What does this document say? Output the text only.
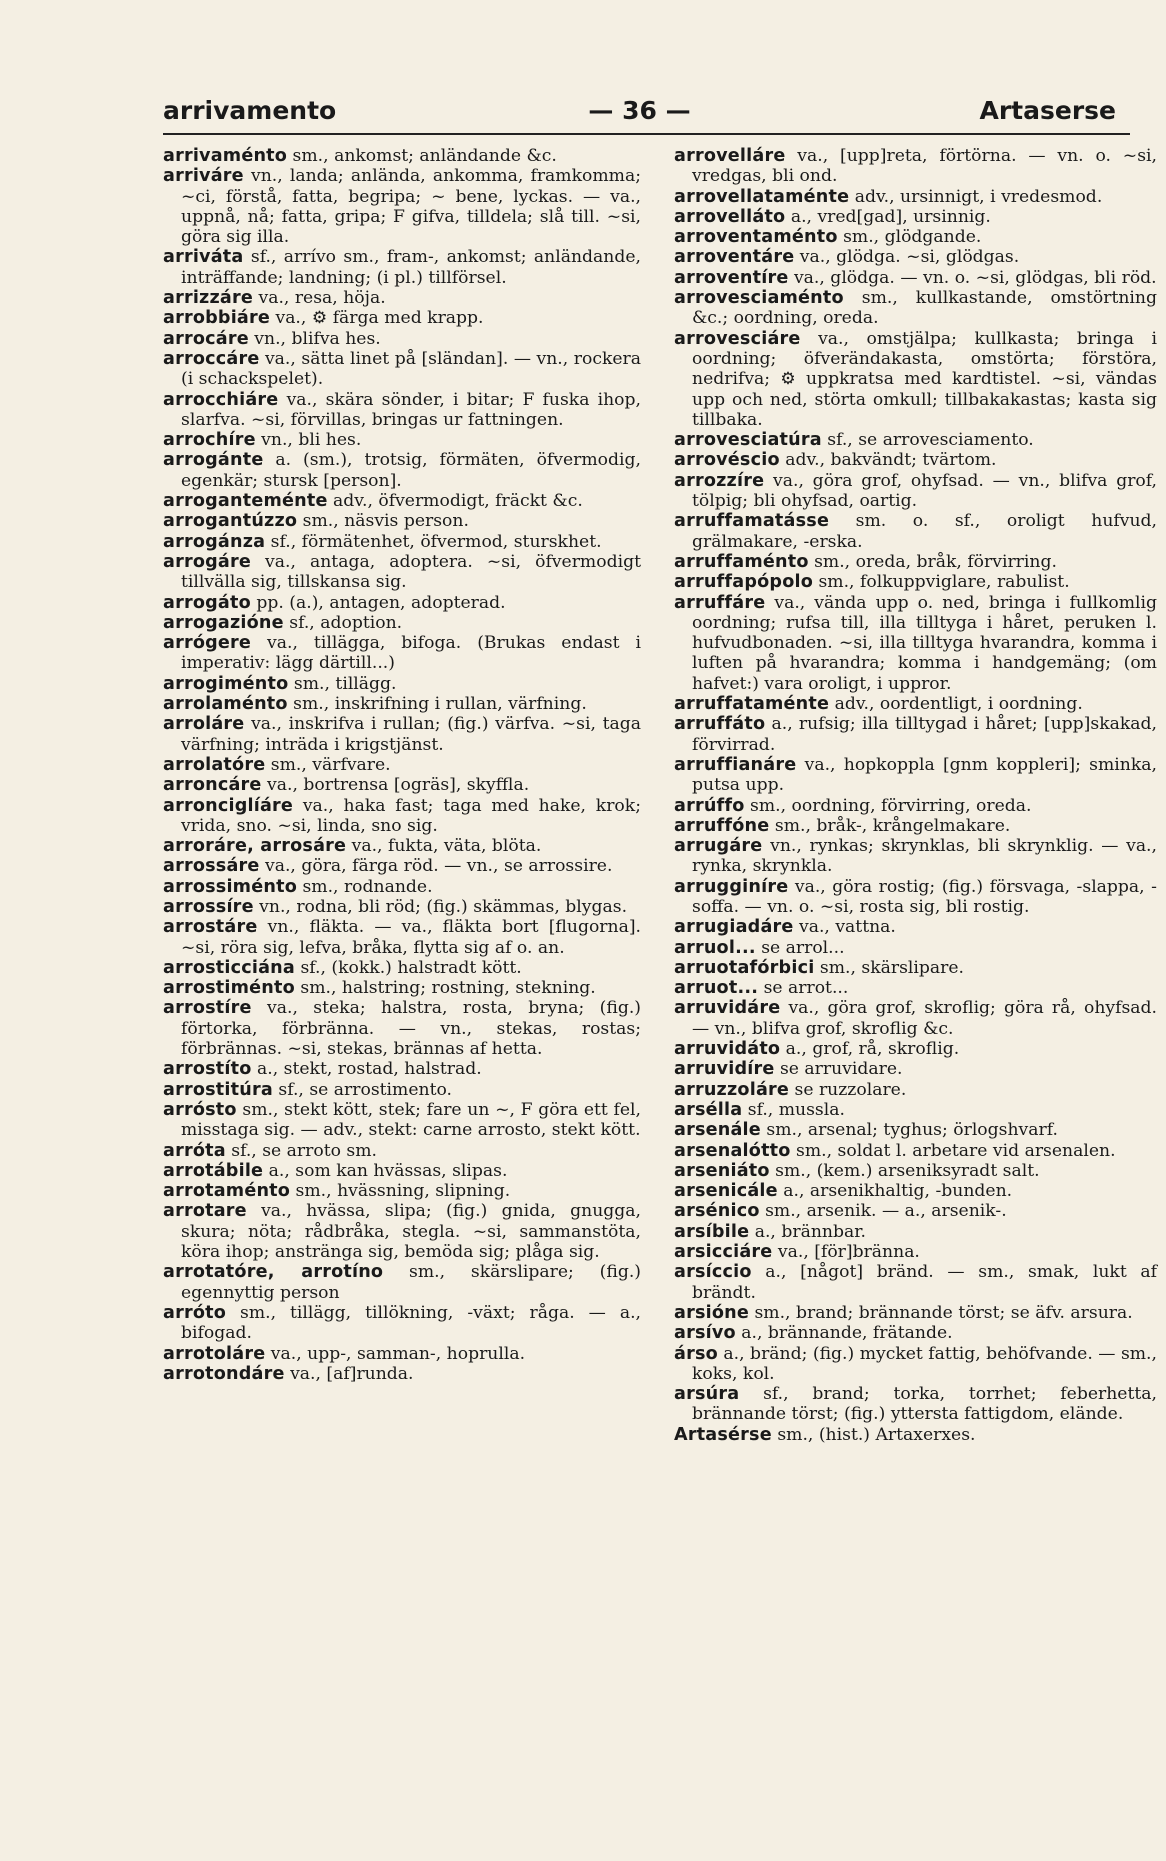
arrivamento	— 36 —	Artaserse

arrivaménto sm., ankomst; anländande &c.

arriváre vn., landa; anlända, ankomma, framkomma; ~ci, förstå, fatta, begripa; ~ bene, lyckas. — va., uppnå, nå; fatta, gripa; F gifva, tilldela; slå till. ~si, göra sig illa.

arriváta sf., arrívo sm., fram-, ankomst; anländande, inträffande; landning; (i pl.) tillförsel.

arrizzáre va., resa, höja.

arrobbiáre va., ⚙ färga med krapp.

arrocáre vn., blifva hes.

arroccáre va., sätta linet på [sländan]. — vn., rockera (i schackspelet).

arrocchiáre va., skära sönder, i bitar; F fuska ihop, slarfva. ~si, förvillas, bringas ur fattningen.

arrochíre vn., bli hes.

arrogánte a. (sm.), trotsig, förmäten, öfvermodig, egenkär; stursk [person].

arroganteménte adv., öfvermodigt, fräckt &c.

arrogantúzzo sm., näsvis person.

arrogánza sf., förmätenhet, öfvermod, sturskhet.

arrogáre va., antaga, adoptera. ~si, öfvermodigt tillvälla sig, tillskansa sig.

arrogáto pp. (a.), antagen, adopterad.

arrogazióne sf., adoption.

arrógere va., tillägga, bifoga. (Brukas endast i imperativ: lägg därtill...)

arrogiménto sm., tillägg.

arrolaménto sm., inskrifning i rullan, värfning.

arroláre va., inskrifva i rullan; (fig.) värfva. ~si, taga värfning; inträda i krigstjänst.

arrolatóre sm., värfvare.

arroncáre va., bortrensa [ogräs], skyffla.

arronciglíáre va., haka fast; taga med hake, krok; vrida, sno. ~si, linda, sno sig.

arroráre, arrosáre va., fukta, väta, blöta.

arrossáre va., göra, färga röd. — vn., se arrossire.

arrossiménto sm., rodnande.

arrossíre vn., rodna, bli röd; (fig.) skämmas, blygas.

arrostáre vn., fläkta. — va., fläkta bort [flugorna]. ~si, röra sig, lefva, bråka, flytta sig af o. an.

arrosticciána sf., (kokk.) halstradt kött.

arrostiménto sm., halstring; rostning, stekning.

arrostíre va., steka; halstra, rosta, bryna; (fig.) förtorka, förbränna. — vn., stekas, rostas; förbrännas. ~si, stekas, brännas af hetta.

arrostíto a., stekt, rostad, halstrad.

arrostitúra sf., se arrostimento.

arrósto sm., stekt kött, stek; fare un ~, F göra ett fel, misstaga sig. — adv., stekt: carne arrosto, stekt kött.

arróta sf., se arroto sm.

arrotábile a., som kan hvässas, slipas.

arrotaménto sm., hvässning, slipning.

arrotare va., hvässa, slipa; (fig.) gnida, gnugga, skura; nöta; rådbråka, stegla. ~si, sammanstöta, köra ihop; anstränga sig, bemöda sig; plåga sig.

arrotatóre, arrotíno sm., skärslipare; (fig.) egennyttig person

arróto sm., tillägg, tillökning, -växt; råga. — a., bifogad.

arrotoláre va., upp-, samman-, hoprulla.

arrotondáre va., [af]runda.

arrovelláre va., [upp]reta, förtörna. — vn. o. ~si, vredgas, bli ond.

arrovellataménte adv., ursinnigt, i vredesmod.

arrovelláto a., vred[gad], ursinnig.

arroventaménto sm., glödgande.

arroventáre va., glödga. ~si, glödgas.

arroventíre va., glödga. — vn. o. ~si, glödgas, bli röd.

arrovesciaménto sm., kullkastande, omstörtning &c.; oordning, oreda.

arrovesciáre va., omstjälpa; kullkasta; bringa i oordning; öfverändakasta, omstörta; förstöra, nedrifva; ⚙ uppkratsa med kardtistel. ~si, vändas upp och ned, störta omkull; tillbakakastas; kasta sig tillbaka.

arrovesciatúra sf., se arrovesciamento.

arrovéscio adv., bakvändt; tvärtom.

arrozzíre va., göra grof, ohyfsad. — vn., blifva grof, tölpig; bli ohyfsad, oartig.

arruffamatásse sm. o. sf., oroligt hufvud, grälmakare, -erska.

arruffaménto sm., oreda, bråk, förvirring.

arruffapópolo sm., folkuppviglare, rabulist.

arruffáre va., vända upp o. ned, bringa i fullkomlig oordning; rufsa till, illa tilltyga i håret, peruken l. hufvudbonaden. ~si, illa tilltyga hvarandra, komma i luften på hvarandra; komma i handgemäng; (om hafvet:) vara oroligt, i uppror.

arruffataménte adv., oordentligt, i oordning.

arruffáto a., rufsig; illa tilltygad i håret; [upp]skakad, förvirrad.

arruffianáre va., hopkoppla [gnm koppleri]; sminka, putsa upp.

arrúffo sm., oordning, förvirring, oreda.

arruffóne sm., bråk-, krångelmakare.

arrugáre vn., rynkas; skrynklas, bli skrynklig. — va., rynka, skrynkla.

arrugginíre va., göra rostig; (fig.) försvaga, -slappa, -soffa. — vn. o. ~si, rosta sig, bli rostig.

arrugiadáre va., vattna.

arruol... se arrol...

arruotafórbici sm., skärslipare.

arruot... se arrot...

arruvidáre va., göra grof, skroflig; göra rå, ohyfsad. — vn., blifva grof, skroflig &c.

arruvidáto a., grof, rå, skroflig.

arruvidíre se arruvidare.

arruzzoláre se ruzzolare.

arsélla sf., mussla.

arsenále sm., arsenal; tyghus; örlogshvarf.

arsenalótto sm., soldat l. arbetare vid arsenalen.

arseniáto sm., (kem.) arseniksyradt salt.

arsenicále a., arsenikhaltig, -bunden.

arsénico sm., arsenik. — a., arsenik-.

arsíbile a., brännbar.

arsicciáre va., [för]bränna.

arsíccio a., [något] bränd. — sm., smak, lukt af brändt.

arsióne sm., brand; brännande törst; se äfv. arsura.

arsívo a., brännande, frätande.

árso a., bränd; (fig.) mycket fattig, behöfvande. — sm., koks, kol.

arsúra sf., brand; torka, torrhet; feberhetta, brännande törst; (fig.) yttersta fattigdom, elände.

Artasérse sm., (hist.) Artaxerxes.
